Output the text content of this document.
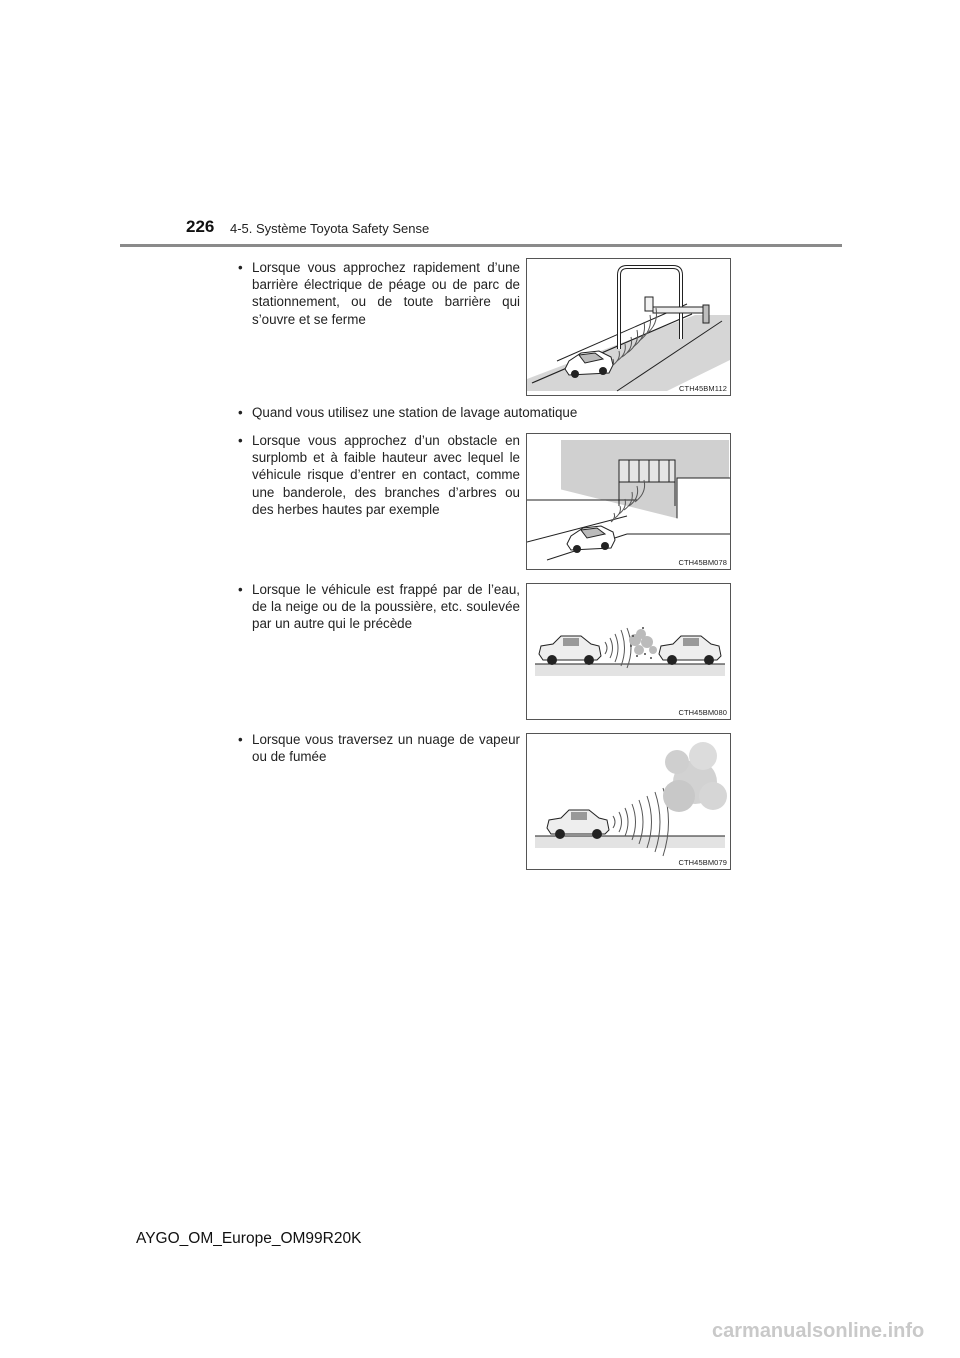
226 4-5. Système Toyota Safety Sense
• Lorsque vous approchez rapidement d’une barrière électrique de péage ou de parc de stationnement, ou de toute barrière qui s’ouvre et se ferme
CTH45BM112
• Quand vous utilisez une station de lavage automatique
• Lorsque vous approchez d’un obstacle en surplomb et à faible hauteur avec lequel le véhicule risque d’entrer en contact, comme une banderole, des branches d’arbres ou des herbes hautes par exemple
CTH45BM078
• Lorsque le véhicule est frappé par de l’eau, de la neige ou de la poussière, etc. soulevée par un autre qui le précède
CTH45BM080
• Lorsque vous traversez un nuage de vapeur ou de fumée
CTH45BM079
AYGO_OM_Europe_OM99R20K
carmanualsonline.info
